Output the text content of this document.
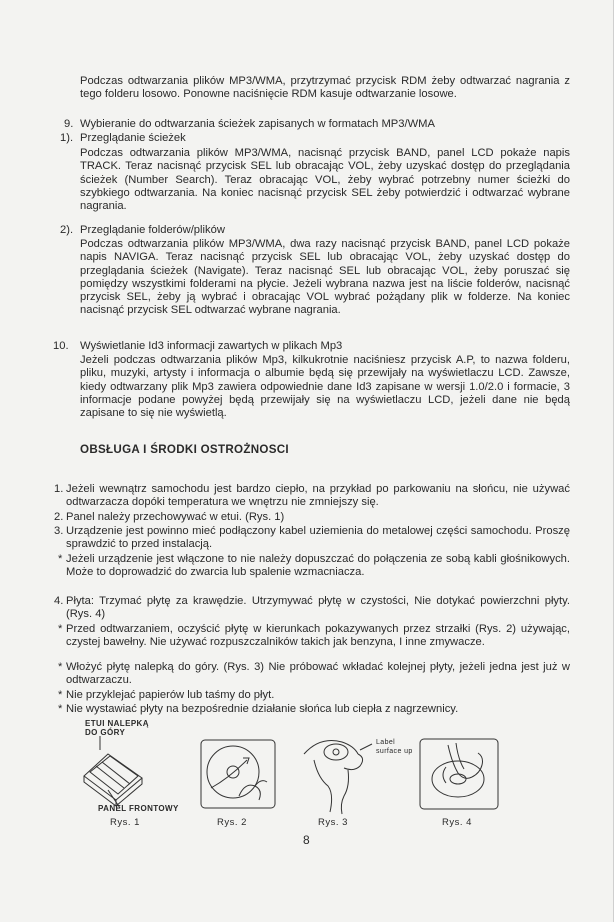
Podczas odtwarzania plików MP3/WMA, przytrzymać przycisk RDM żeby odtwarzać nagrania z tego folderu losowo. Ponowne naciśnięcie RDM kasuje odtwarzanie losowe.
9. Wybieranie do odtwarzania ścieżek zapisanych w formatach MP3/WMA
1). Przeglądanie ścieżek
Podczas odtwarzania plików MP3/WMA, nacisnąć przycisk BAND, panel LCD pokaże napis TRACK. Teraz nacisnąć przycisk SEL lub obracając VOL, żeby uzyskać dostęp do przeglądania ścieżek (Number Search). Teraz obracając VOL, żeby wybrać potrzebny numer ścieżki do szybkiego odtwarzania. Na koniec nacisnąć przycisk SEL żeby potwierdzić i odtwarzać wybrane nagrania.
2). Przeglądanie folderów/plików
Podczas odtwarzania plików MP3/WMA, dwa razy nacisnąć przycisk BAND, panel LCD pokaże napis NAVIGA. Teraz nacisnąć przycisk SEL lub obracając VOL, żeby uzyskać dostęp do przeglądania ścieżek (Navigate). Teraz nacisnąć SEL lub obracając VOL, żeby poruszać się pomiędzy wszystkimi folderami na płycie. Jeżeli wybrana nazwa jest na liście folderów, nacisnąć przycisk SEL, żeby ją wybrać i obracając VOL wybrać pożądany plik w folderze. Na koniec nacisnąć przycisk SEL odtwarzać wybrane nagrania.
10. Wyświetlanie Id3 informacji zawartych w plikach Mp3
Jeżeli podczas odtwarzania plików Mp3, kilkukrotnie naciśniesz przycisk A.P, to nazwa folderu, pliku, muzyki, artysty i informacja o albumie będą się przewijały na wyświetlaczu LCD. Zawsze, kiedy odtwarzany plik Mp3 zawiera odpowiednie dane Id3 zapisane w wersji 1.0/2.0 i formacie, 3 informacje podane powyżej będą przewijały się na wyświetlaczu LCD, jeżeli dane nie będą zapisane to się nie wyświetlą.
OBSŁUGA I ŚRODKI OSTROŻNOSCI
1. Jeżeli wewnątrz samochodu jest bardzo ciepło, na przykład po parkowaniu na słońcu, nie używać odtwarzacza dopóki temperatura we wnętrzu nie zmniejszy się.
2. Panel należy przechowywać w etui. (Rys. 1)
3. Urządzenie jest powinno mieć podłączony kabel uziemienia do metalowej części samochodu. Proszę sprawdzić to przed instalacją.
* Jeżeli urządzenie jest włączone to nie należy dopuszczać do połączenia ze sobą kabli głośnikowych. Może to doprowadzić do zwarcia lub spalenie wzmacniacza.
4. Płyta: Trzymać płytę za krawędzie. Utrzymywać płytę w czystości, Nie dotykać powierzchni płyty. (Rys. 4)
* Przed odtwarzaniem, oczyścić płytę w kierunkach pokazywanych przez strzałki (Rys. 2) używając, czystej bawełny. Nie używać rozpuszczalników takich jak benzyna, I inne zmywacze.
* Włożyć płytę nalepką do góry. (Rys. 3) Nie próbować wkładać kolejnej płyty, jeżeli jedna jest już w odtwarzaczu.
* Nie przyklejać papierów lub taśmy do płyt.
* Nie wystawiać płyty na bezpośrednie działanie słońca lub ciepła z nagrzewnicy.
ETUI NALEPKĄ
DO GÓRY
PANEL FRONTOWY
Rys. 1	Rys. 2
Label
surface up
Rys. 3	Rys. 4
8
